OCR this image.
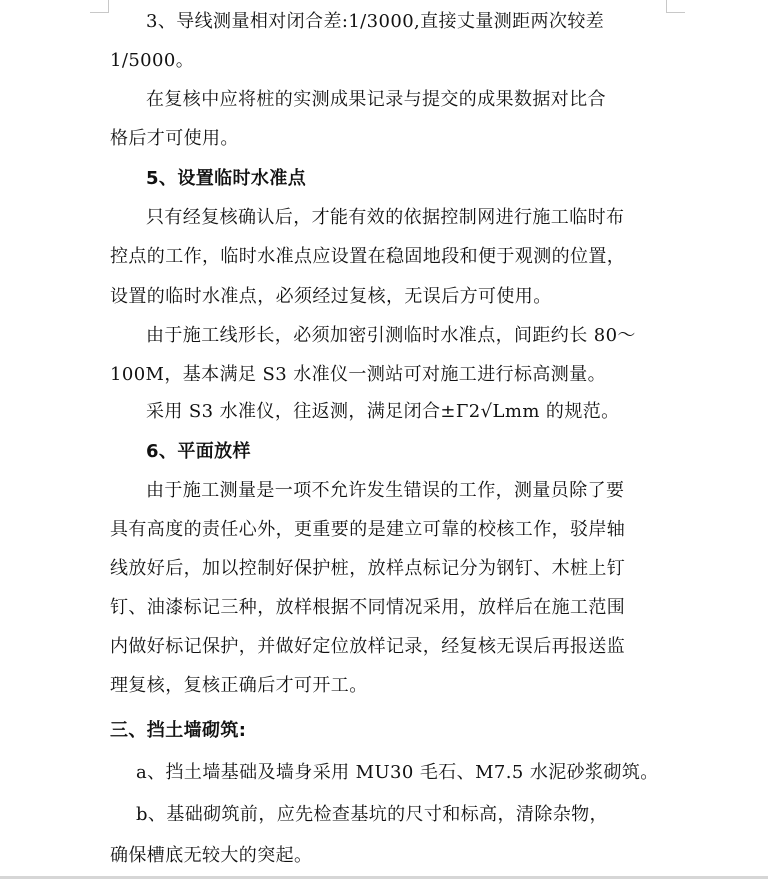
3、导线测量相对闭合差:1/3000,直接丈量测距两次较差
1/5000。
在复核中应将桩的实测成果记录与提交的成果数据对比合
格后才可使用。
5、设置临时水准点
只有经复核确认后，才能有效的依据控制网进行施工临时布
控点的工作，临时水准点应设置在稳固地段和便于观测的位置，
设置的临时水准点，必须经过复核，无误后方可使用。
由于施工线形长，必须加密引测临时水准点，间距约长 80～
100M，基本满足 S3 水准仪一测站可对施工进行标高测量。
采用 S3 水准仪，往返测，满足闭合±Γ2√Lmm 的规范。
6、平面放样
由于施工测量是一项不允许发生错误的工作，测量员除了要
具有高度的责任心外，更重要的是建立可靠的校核工作，驳岸轴
线放好后，加以控制好保护桩，放样点标记分为钢钉、木桩上钉
钉、油漆标记三种，放样根据不同情况采用，放样后在施工范围
内做好标记保护，并做好定位放样记录，经复核无误后再报送监
理复核，复核正确后才可开工。
三、挡土墙砌筑:
a、挡土墙基础及墙身采用 MU30 毛石、M7.5 水泥砂浆砌筑。
b、基础砌筑前，应先检查基坑的尺寸和标高，清除杂物，
确保槽底无较大的突起。
